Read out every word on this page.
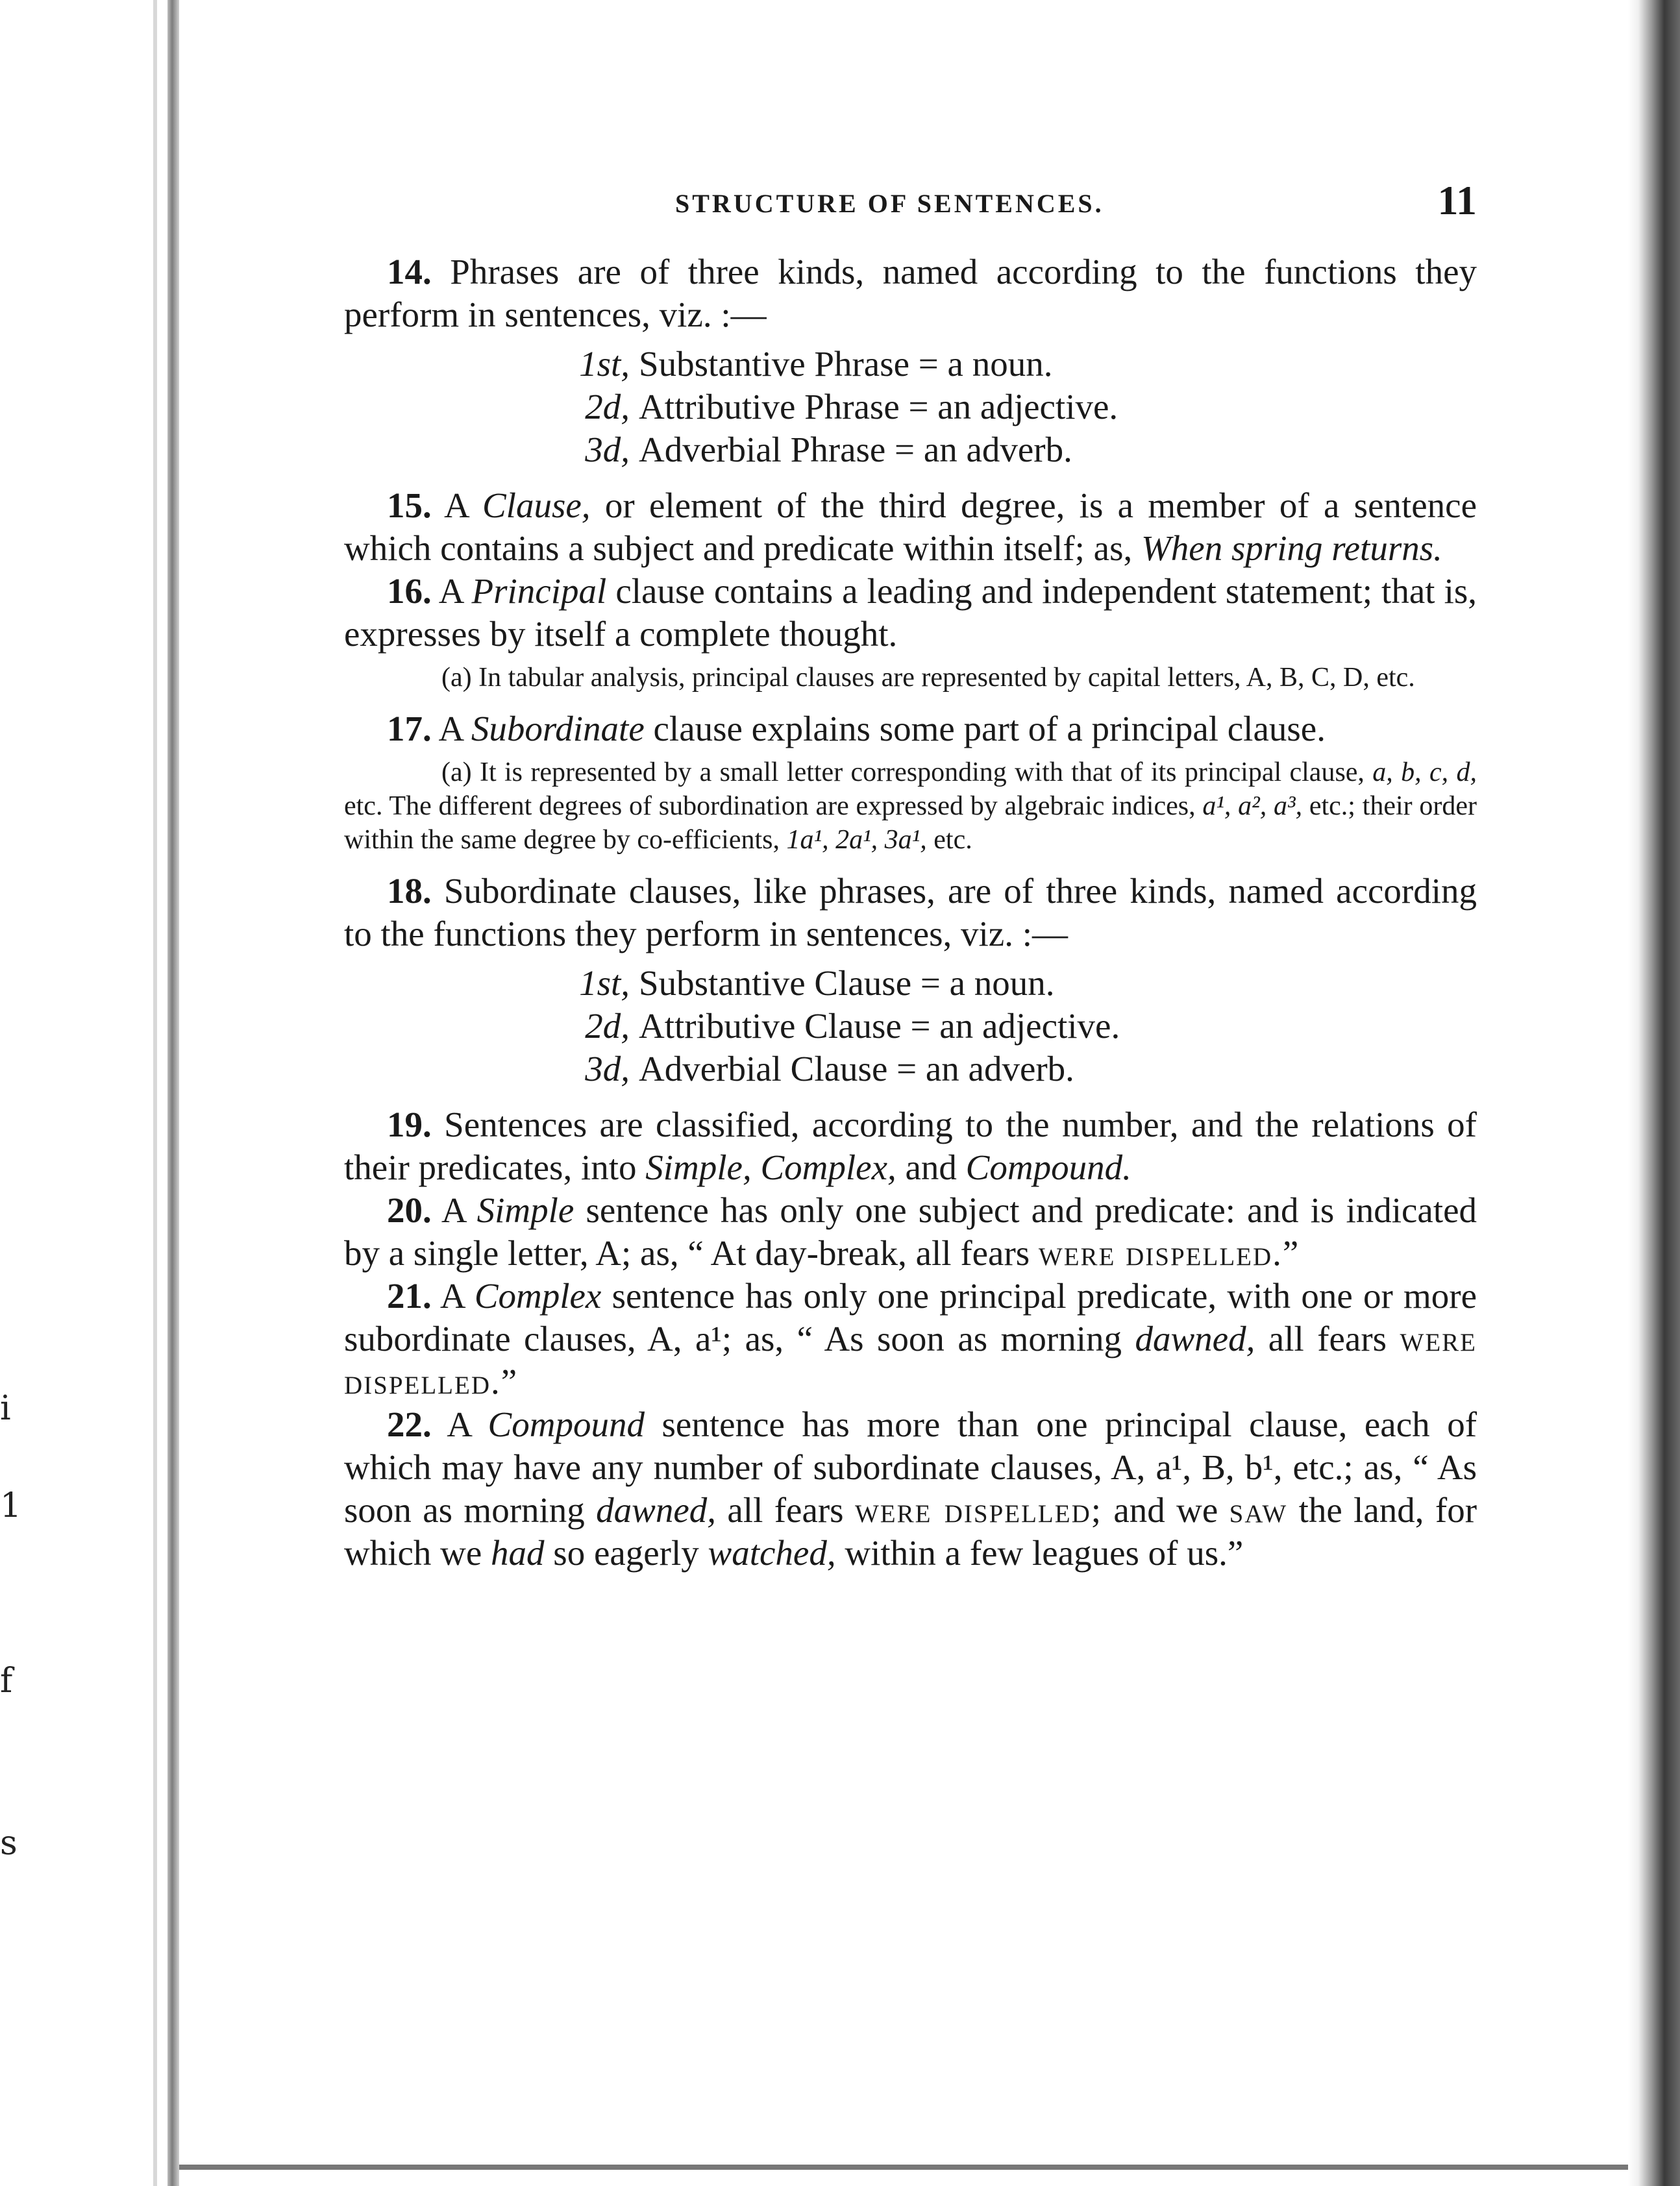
i
1
f
s
STRUCTURE OF SENTENCES.	11

14. Phrases are of three kinds, named according to the functions they perform in sentences, viz. :—

1st, Substantive Phrase = a noun.
2d, Attributive Phrase = an adjective.
3d, Adverbial Phrase = an adverb.

15. A Clause, or element of the third degree, is a member of a sentence which contains a subject and predicate within itself; as, When spring returns.

16. A Principal clause contains a leading and independent statement; that is, expresses by itself a complete thought.

(a) In tabular analysis, principal clauses are represented by capital letters, A, B, C, D, etc.

17. A Subordinate clause explains some part of a principal clause.

(a) It is represented by a small letter corresponding with that of its principal clause, a, b, c, d, etc. The different degrees of subordination are expressed by algebraic indices, a¹, a², a³, etc.; their order within the same degree by co-efficients, 1a¹, 2a¹, 3a¹, etc.

18. Subordinate clauses, like phrases, are of three kinds, named according to the functions they perform in sentences, viz. :—

1st, Substantive Clause = a noun.
2d, Attributive Clause = an adjective.
3d, Adverbial Clause = an adverb.

19. Sentences are classified, according to the number, and the relations of their predicates, into Simple, Complex, and Compound.

20. A Simple sentence has only one subject and predicate: and is indicated by a single letter, A; as, “ At day-break, all fears were dispelled.”

21. A Complex sentence has only one principal predicate, with one or more subordinate clauses, A, a¹; as, “ As soon as morning dawned, all fears were dispelled.”

22. A Compound sentence has more than one principal clause, each of which may have any number of subordinate clauses, A, a¹, B, b¹, etc.; as, “ As soon as morning dawned, all fears were dispelled; and we saw the land, for which we had so eagerly watched, within a few leagues of us.”
